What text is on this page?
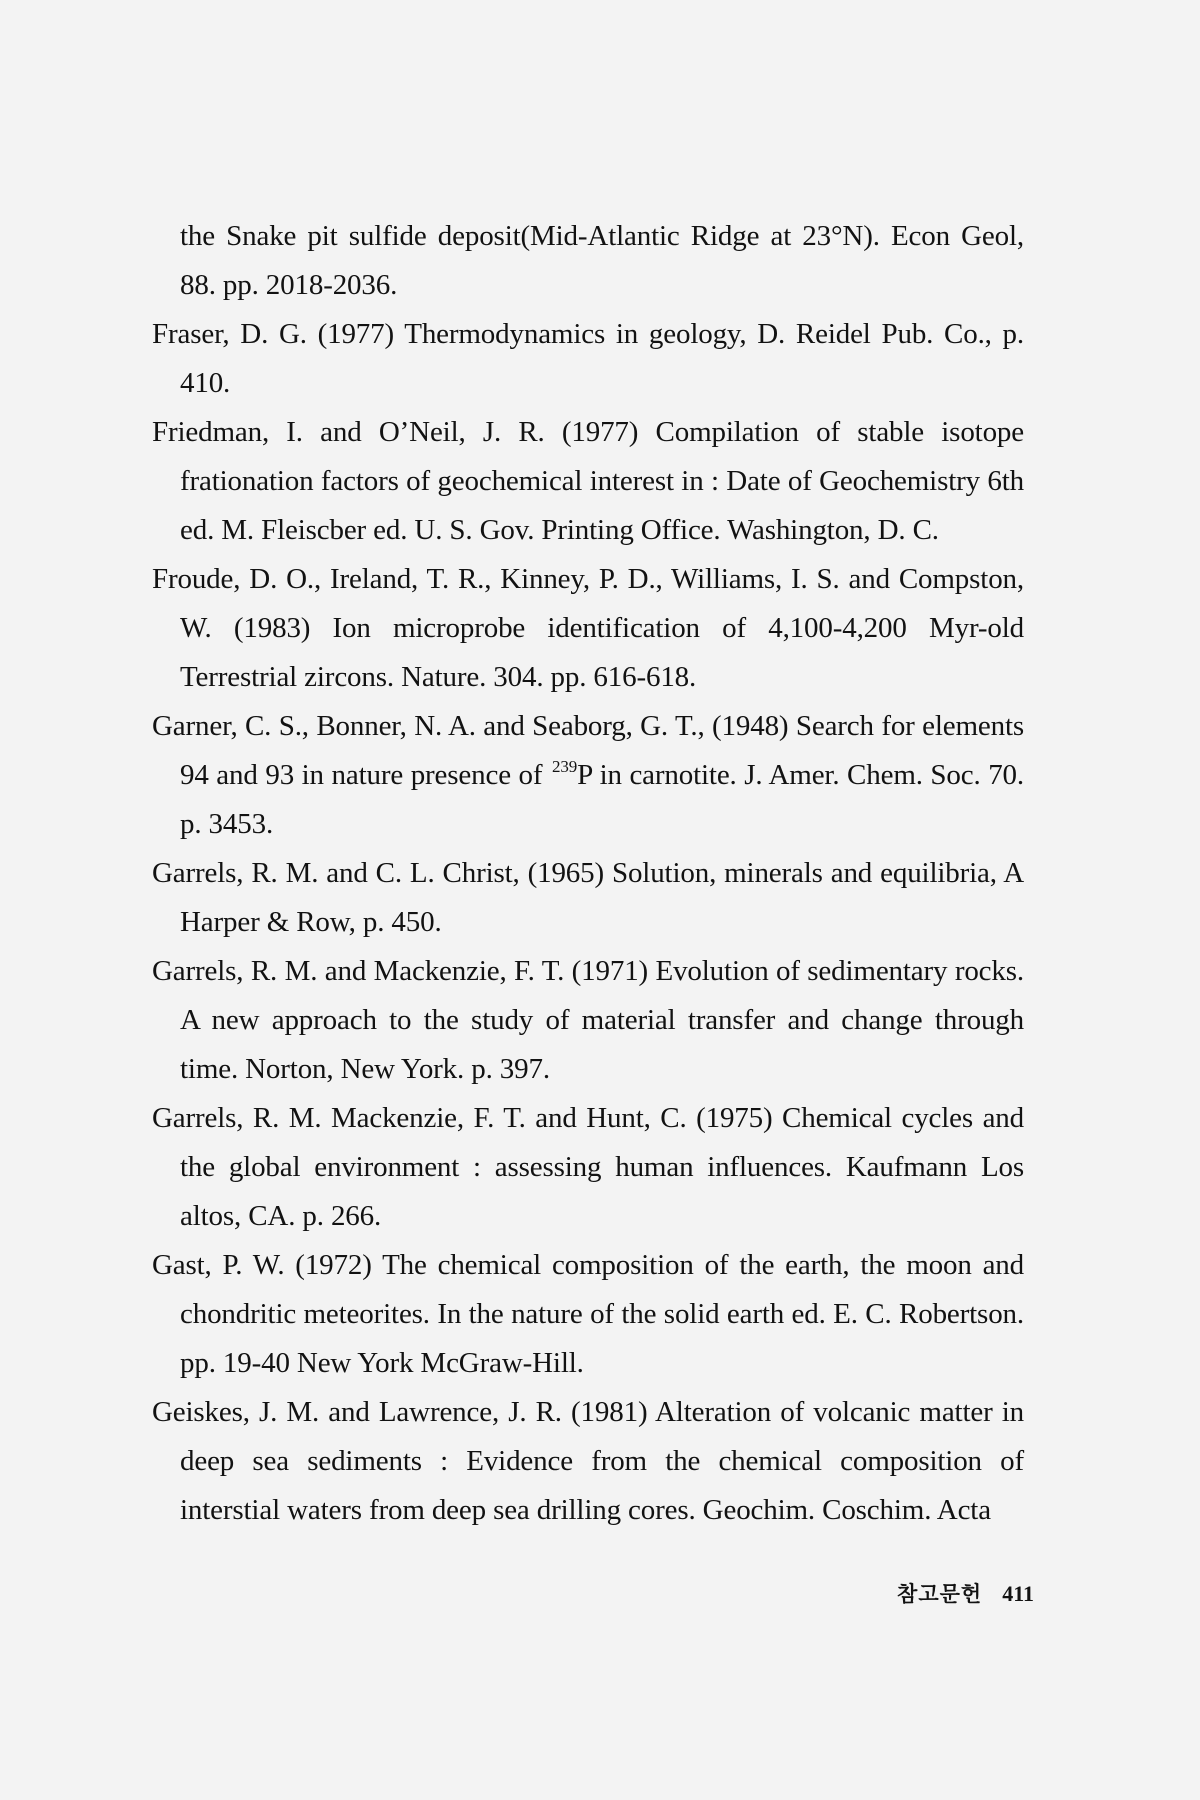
the Snake pit sulfide deposit(Mid-Atlantic Ridge at 23°N). Econ Geol, 88. pp. 2018-2036.
Fraser, D. G. (1977) Thermodynamics in geology, D. Reidel Pub. Co., p. 410.
Friedman, I. and O’Neil, J. R. (1977) Compilation of stable isotope frationation factors of geochemical interest in : Date of Geochemistry 6th ed. M. Fleiscber ed. U. S. Gov. Printing Office. Washington, D. C.
Froude, D. O., Ireland, T. R., Kinney, P. D., Williams, I. S. and Compston, W. (1983) Ion microprobe identification of 4,100-4,200 Myr-old Terrestrial zircons. Nature. 304. pp. 616-618.
Garner, C. S., Bonner, N. A. and Seaborg, G. T., (1948) Search for elements 94 and 93 in nature presence of $^{239}$P in carnotite. J. Amer. Chem. Soc. 70. p. 3453.
Garrels, R. M. and C. L. Christ, (1965) Solution, minerals and equilibria, A Harper & Row, p. 450.
Garrels, R. M. and Mackenzie, F. T. (1971) Evolution of sedimentary rocks. A new approach to the study of material transfer and change through time. Norton, New York. p. 397.
Garrels, R. M. Mackenzie, F. T. and Hunt, C. (1975) Chemical cycles and the global environment : assessing human influences. Kaufmann Los altos, CA. p. 266.
Gast, P. W. (1972) The chemical composition of the earth, the moon and chondritic meteorites. In the nature of the solid earth ed. E. C. Robertson. pp. 19-40 New York McGraw-Hill.
Geiskes, J. M. and Lawrence, J. R. (1981) Alteration of volcanic matter in deep sea sediments : Evidence from the chemical composition of interstial waters from deep sea drilling cores. Geochim. Coschim. Acta
참고문헌 411
